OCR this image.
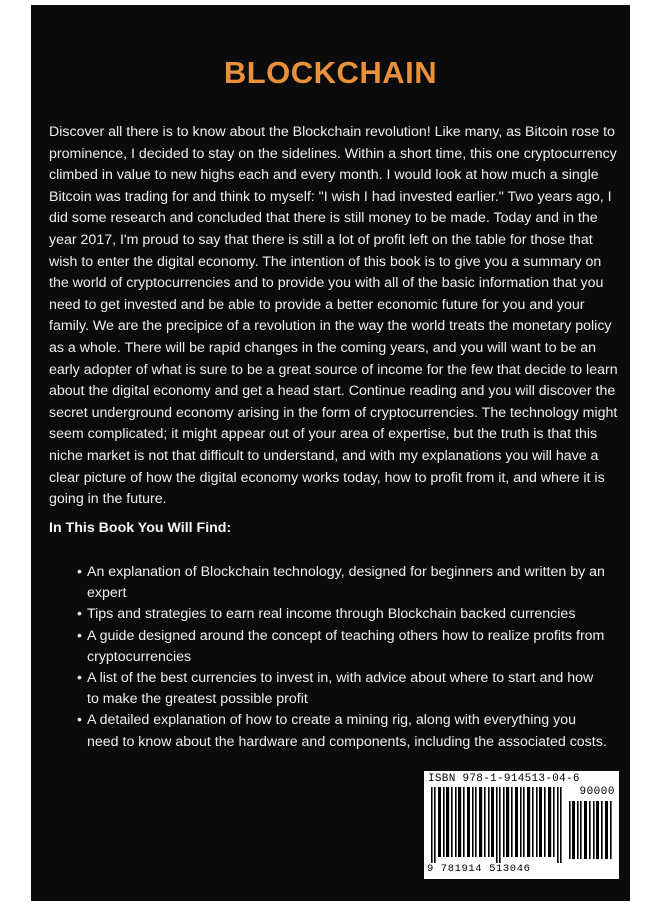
BLOCKCHAIN

Discover all there is to know about the Blockchain revolution! Like many, as Bitcoin rose to prominence, I decided to stay on the sidelines. Within a short time, this one cryptocurrency climbed in value to new highs each and every month. I would look at how much a single Bitcoin was trading for and think to myself: "I wish I had invested earlier." Two years ago, I did some research and concluded that there is still money to be made. Today and in the year 2017, I'm proud to say that there is still a lot of profit left on the table for those that wish to enter the digital economy. The intention of this book is to give you a summary on the world of cryptocurrencies and to provide you with all of the basic information that you need to get invested and be able to provide a better economic future for you and your family. We are the precipice of a revolution in the way the world treats the monetary policy as a whole. There will be rapid changes in the coming years, and you will want to be an early adopter of what is sure to be a great source of income for the few that decide to learn about the digital economy and get a head start. Continue reading and you will discover the secret underground economy arising in the form of cryptocurrencies. The technology might seem complicated; it might appear out of your area of expertise, but the truth is that this niche market is not that difficult to understand, and with my explanations you will have a clear picture of how the digital economy works today, how to profit from it, and where it is going in the future.

In This Book You Will Find:

• An explanation of Blockchain technology, designed for beginners and written by an expert
• Tips and strategies to earn real income through Blockchain backed currencies
• A guide designed around the concept of teaching others how to realize profits from cryptocurrencies
• A list of the best currencies to invest in, with advice about where to start and how to make the greatest possible profit
• A detailed explanation of how to create a mining rig, along with everything you need to know about the hardware and components, including the associated costs.
ISBN 978-1-914513-04-6
90000
9 781914 513046
